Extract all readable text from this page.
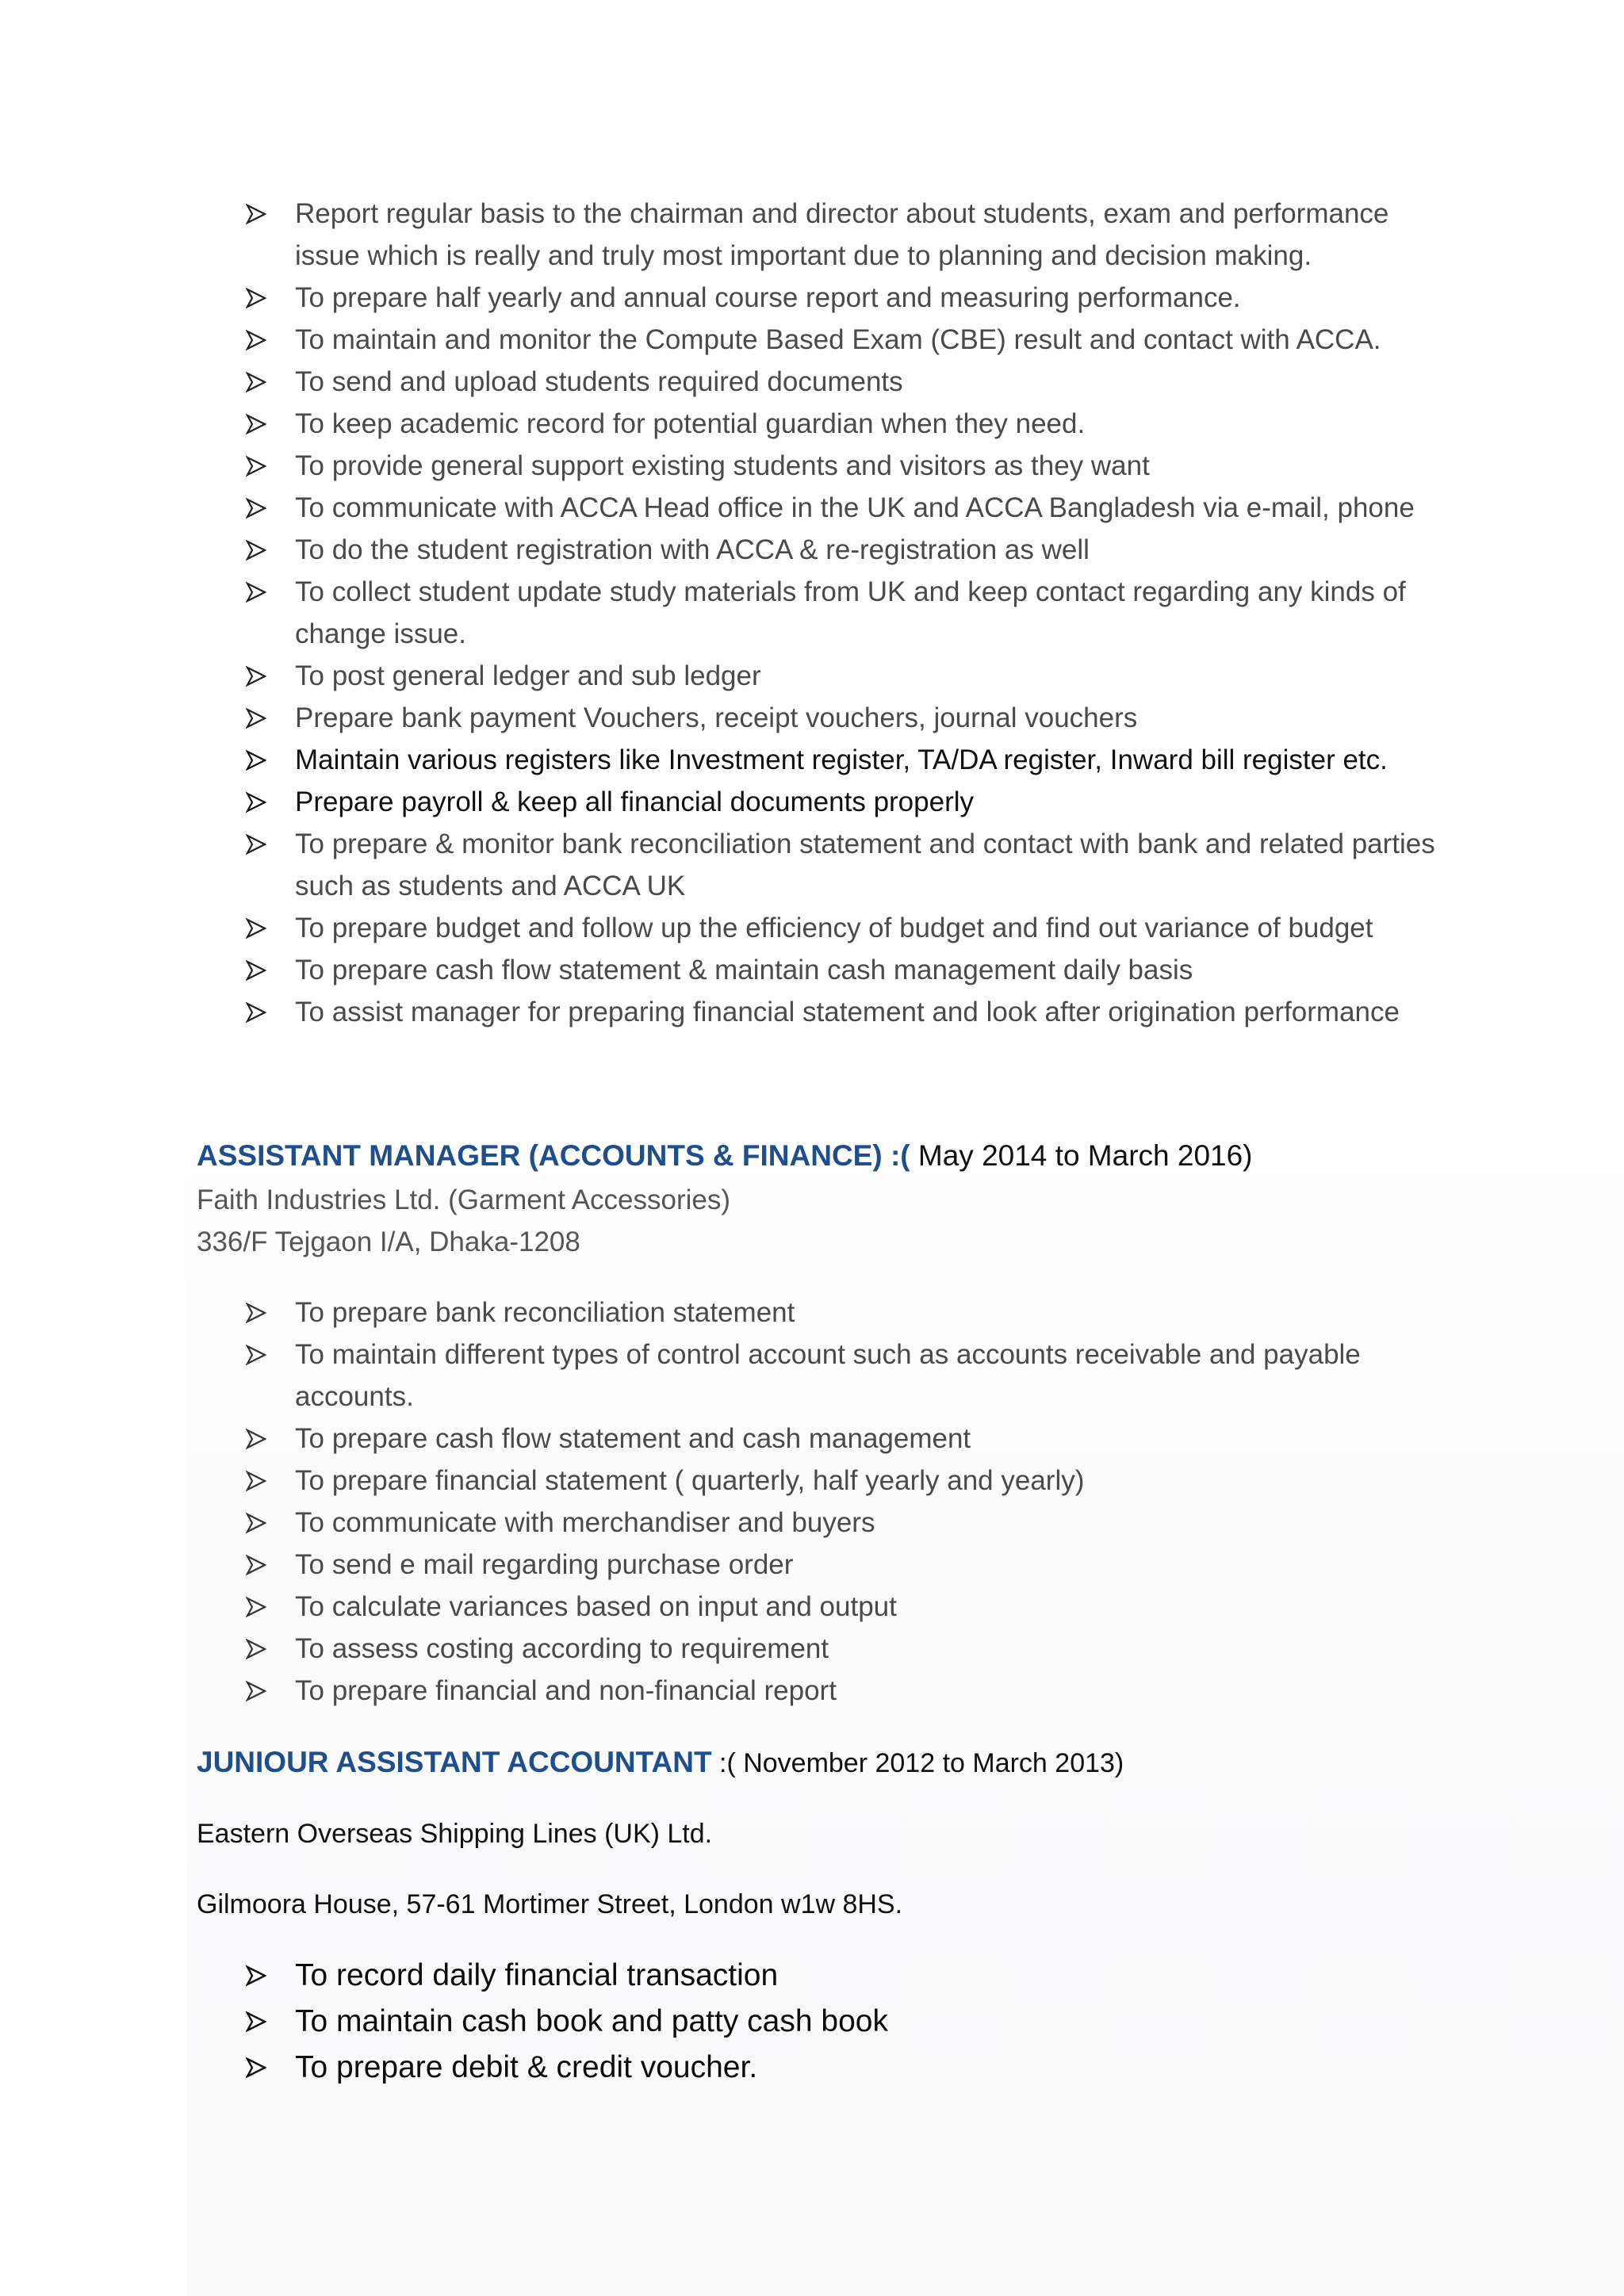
Report regular basis to the chairman and director about students, exam and performance issue which is really and truly most important due to planning and decision making.
To prepare half yearly and annual course report and measuring performance.
To maintain and monitor the Compute Based Exam (CBE) result and contact with ACCA.
To send and upload students required documents
To keep academic record for potential guardian when they need.
To provide general support existing students and visitors as they want
To communicate with ACCA Head office in the UK and ACCA Bangladesh via e-mail, phone
To do the student registration with ACCA & re-registration as well
To collect student update study materials from UK and keep contact regarding any kinds of change issue.
To post general ledger and sub ledger
Prepare bank payment Vouchers, receipt vouchers, journal vouchers
Maintain various registers like Investment register, TA/DA register, Inward bill register etc.
Prepare payroll & keep all financial documents properly
To prepare & monitor bank reconciliation statement and contact with bank and related parties such as students and ACCA UK
To prepare budget and follow up the efficiency of budget and find out variance of budget
To prepare cash flow statement & maintain cash management daily basis
To assist manager for preparing financial statement and look after origination performance
ASSISTANT MANAGER (ACCOUNTS & FINANCE) :( May 2014 to March 2016)
Faith Industries Ltd. (Garment Accessories)
336/F Tejgaon I/A, Dhaka-1208
To prepare bank reconciliation statement
To maintain different types of control account such as accounts receivable and payable accounts.
To prepare cash flow statement and cash management
To prepare financial statement ( quarterly, half yearly and yearly)
To communicate with merchandiser and buyers
To send e mail regarding purchase order
To calculate variances based on input and output
To assess costing according to requirement
To prepare financial and non-financial report
JUNIOUR ASSISTANT ACCOUNTANT :( November 2012 to March 2013)
Eastern Overseas Shipping Lines (UK) Ltd.
Gilmoora House, 57-61 Mortimer Street, London w1w 8HS.
To record daily financial transaction
To maintain cash book and patty cash book
To prepare debit & credit voucher.
